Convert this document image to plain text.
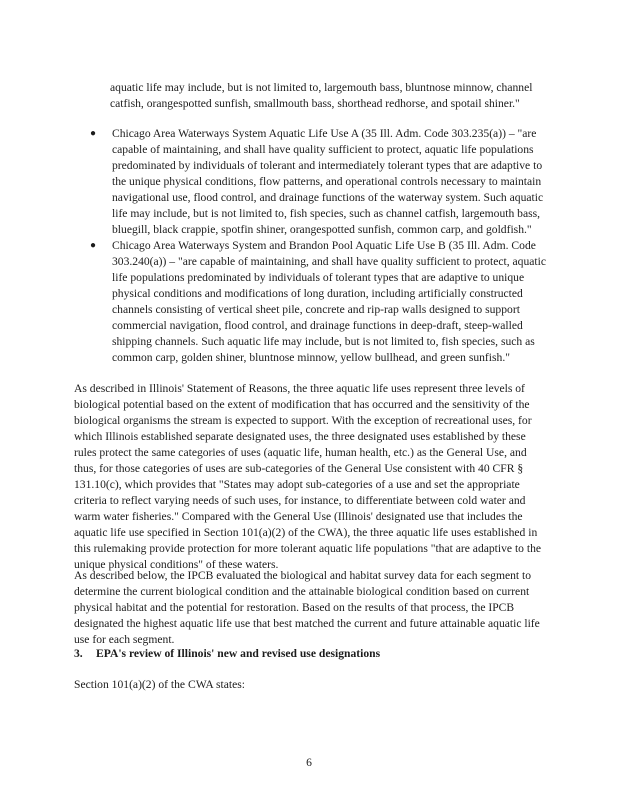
aquatic life may include, but is not limited to, largemouth bass, bluntnose minnow, channel catfish, orangespotted sunfish, smallmouth bass, shorthead redhorse, and spotail shiner."

●	Chicago Area Waterways System Aquatic Life Use A (35 Ill. Adm. Code 303.235(a)) – "are capable of maintaining, and shall have quality sufficient to protect, aquatic life populations predominated by individuals of tolerant and intermediately tolerant types that are adaptive to the unique physical conditions, flow patterns, and operational controls necessary to maintain navigational use, flood control, and drainage functions of the waterway system. Such aquatic life may include, but is not limited to, fish species, such as channel catfish, largemouth bass, bluegill, black crappie, spotfin shiner, orangespotted sunfish, common carp, and goldfish."

●	Chicago Area Waterways System and Brandon Pool Aquatic Life Use B (35 Ill. Adm. Code 303.240(a)) – "are capable of maintaining, and shall have quality sufficient to protect, aquatic life populations predominated by individuals of tolerant types that are adaptive to unique physical conditions and modifications of long duration, including artificially constructed channels consisting of vertical sheet pile, concrete and rip-rap walls designed to support commercial navigation, flood control, and drainage functions in deep-draft, steep-walled shipping channels. Such aquatic life may include, but is not limited to, fish species, such as common carp, golden shiner, bluntnose minnow, yellow bullhead, and green sunfish."

As described in Illinois' Statement of Reasons, the three aquatic life uses represent three levels of biological potential based on the extent of modification that has occurred and the sensitivity of the biological organisms the stream is expected to support. With the exception of recreational uses, for which Illinois established separate designated uses, the three designated uses established by these rules protect the same categories of uses (aquatic life, human health, etc.) as the General Use, and thus, for those categories of uses are sub-categories of the General Use consistent with 40 CFR § 131.10(c), which provides that "States may adopt sub-categories of a use and set the appropriate criteria to reflect varying needs of such uses, for instance, to differentiate between cold water and warm water fisheries." Compared with the General Use (Illinois' designated use that includes the aquatic life use specified in Section 101(a)(2) of the CWA), the three aquatic life uses established in this rulemaking provide protection for more tolerant aquatic life populations "that are adaptive to the unique physical conditions" of these waters.

As described below, the IPCB evaluated the biological and habitat survey data for each segment to determine the current biological condition and the attainable biological condition based on current physical habitat and the potential for restoration. Based on the results of that process, the IPCB designated the highest aquatic life use that best matched the current and future attainable aquatic life use for each segment.

3. EPA's review of Illinois' new and revised use designations

Section 101(a)(2) of the CWA states:

6
